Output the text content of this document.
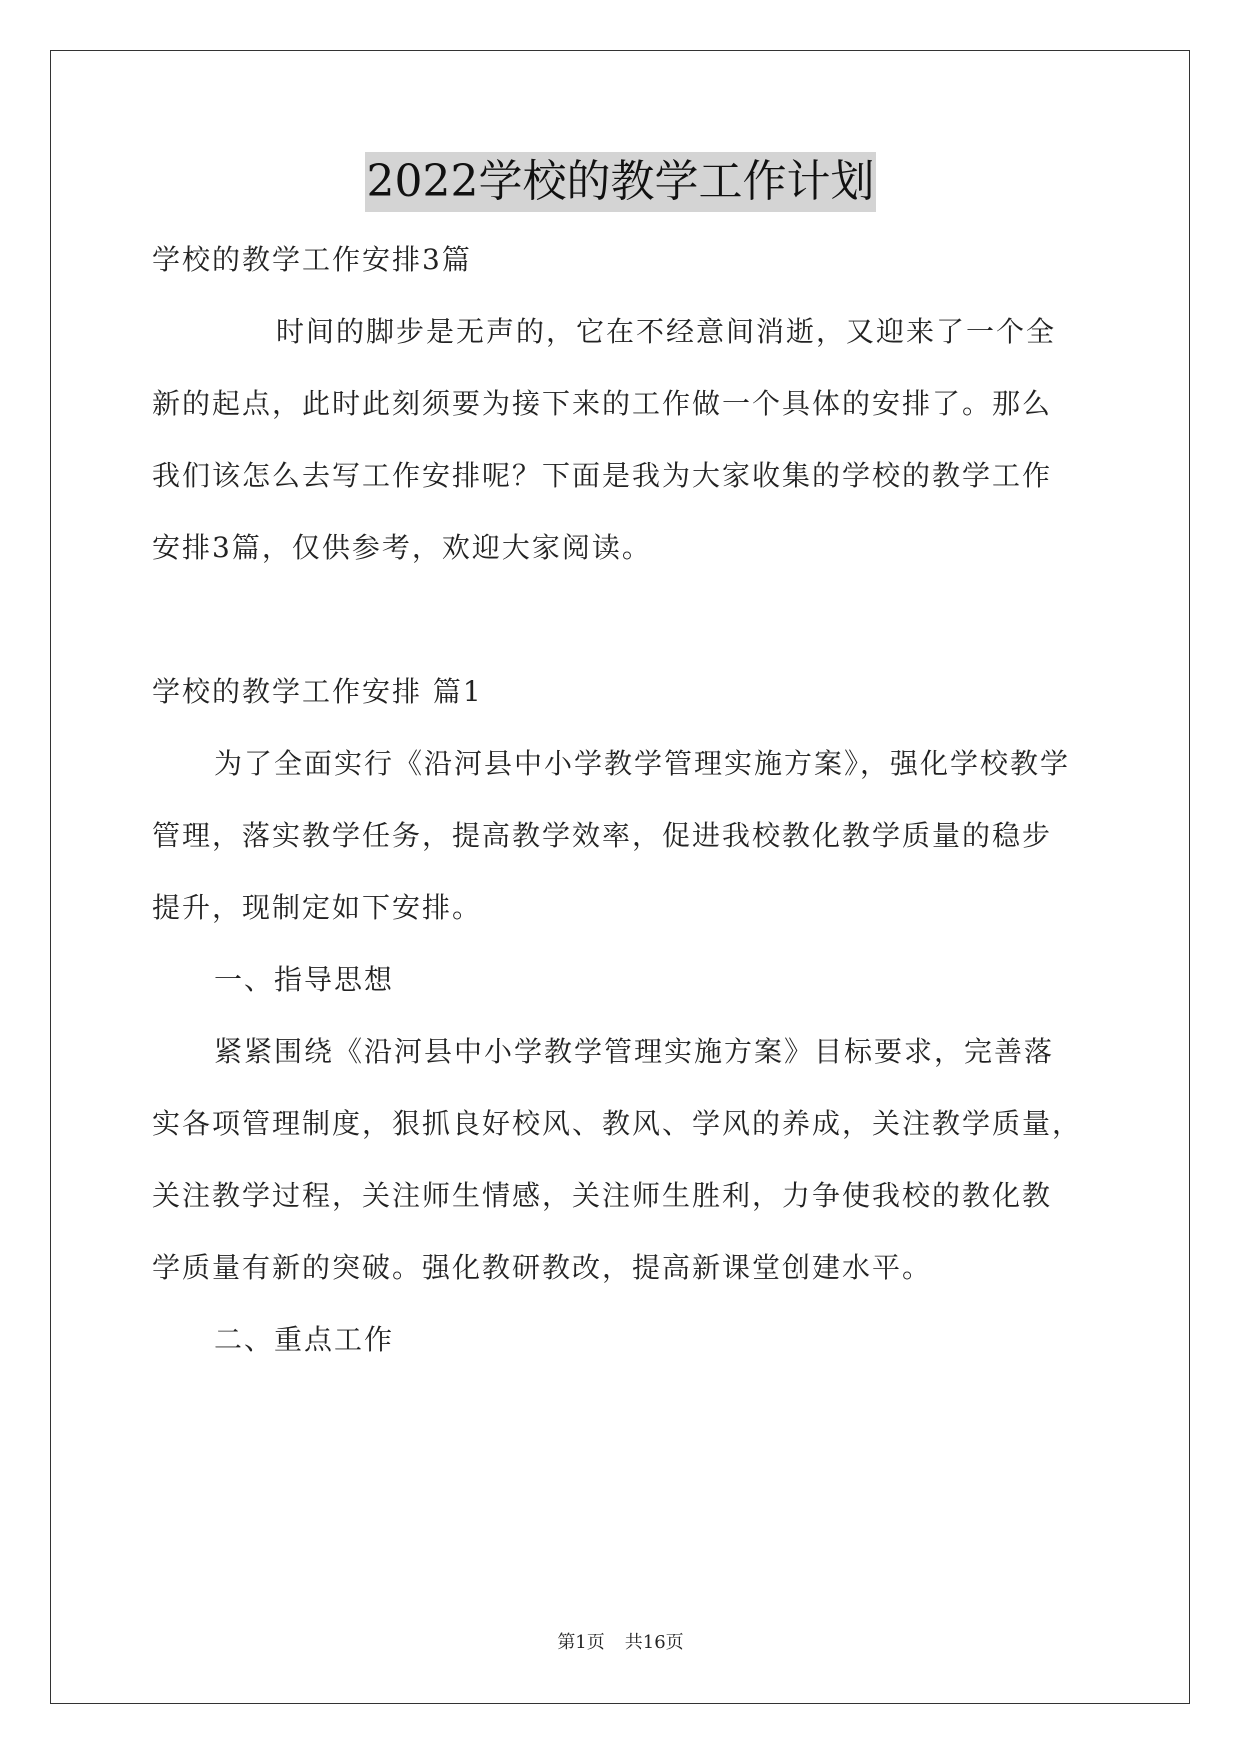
2022学校的教学工作计划
学校的教学工作安排3篇
时间的脚步是无声的，它在不经意间消逝，又迎来了一个全
新的起点，此时此刻须要为接下来的工作做一个具体的安排了。那么
我们该怎么去写工作安排呢？下面是我为大家收集的学校的教学工作
安排3篇，仅供参考，欢迎大家阅读。
学校的教学工作安排 篇1
为了全面实行《沿河县中小学教学管理实施方案》，强化学校教学
管理，落实教学任务，提高教学效率，促进我校教化教学质量的稳步
提升，现制定如下安排。
一、指导思想
紧紧围绕《沿河县中小学教学管理实施方案》目标要求，完善落
实各项管理制度，狠抓良好校风、教风、学风的养成，关注教学质量，
关注教学过程，关注师生情感，关注师生胜利，力争使我校的教化教
学质量有新的突破。强化教研教改，提高新课堂创建水平。
二、重点工作
第1页 共16页
